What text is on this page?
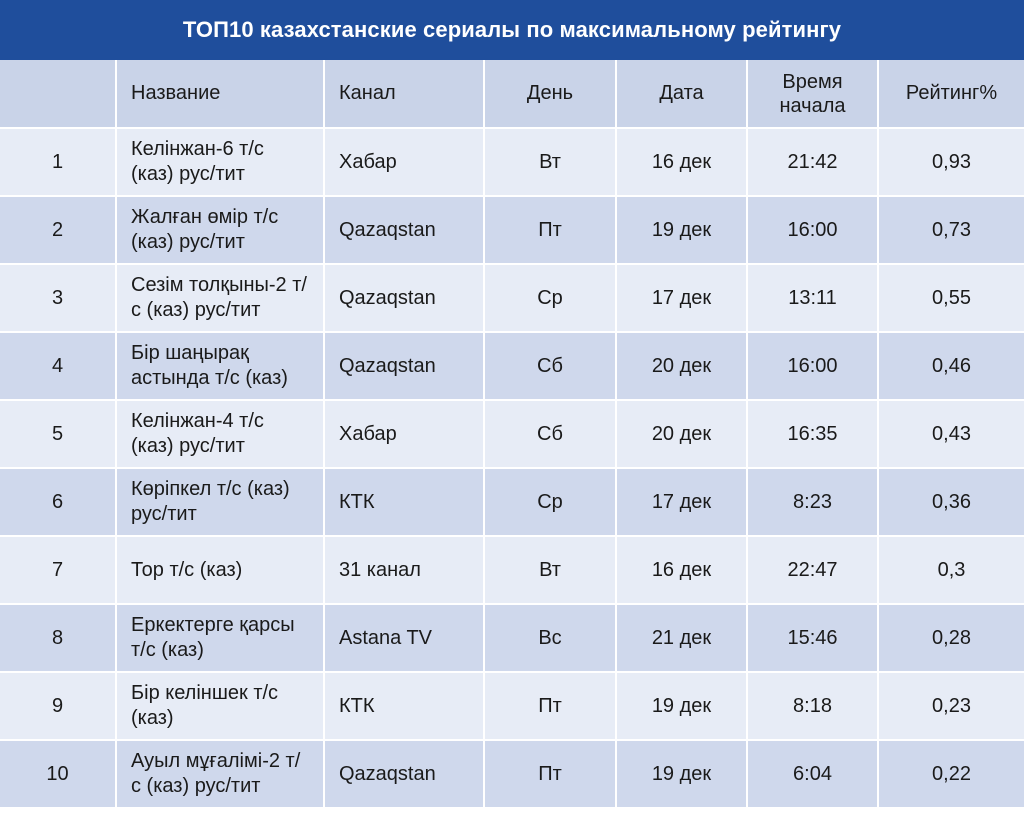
ТОП10 казахстанские сериалы по максимальному рейтингу
	Название	Канал	День	Дата	Время начала	Рейтинг%
1	Келінжан-6 т/с (каз) рус/тит	Хабар	Вт	16 дек	21:42	0,93
2	Жалған өмір т/с (каз) рус/тит	Qazaqstan	Пт	19 дек	16:00	0,73
3	Сезім толқыны-2 т/с (каз) рус/тит	Qazaqstan	Ср	17 дек	13:11	0,55
4	Бір шаңырақ астында т/с (каз)	Qazaqstan	Сб	20 дек	16:00	0,46
5	Келінжан-4 т/с (каз) рус/тит	Хабар	Сб	20 дек	16:35	0,43
6	Көріпкел т/с (каз) рус/тит	КТК	Ср	17 дек	8:23	0,36
7	Тор т/с (каз)	31 канал	Вт	16 дек	22:47	0,3
8	Еркектерге қарсы т/с (каз)	Astana TV	Вс	21 дек	15:46	0,28
9	Бір келіншек т/с (каз)	КТК	Пт	19 дек	8:18	0,23
10	Ауыл мұғалімі-2 т/с (каз) рус/тит	Qazaqstan	Пт	19 дек	6:04	0,22
